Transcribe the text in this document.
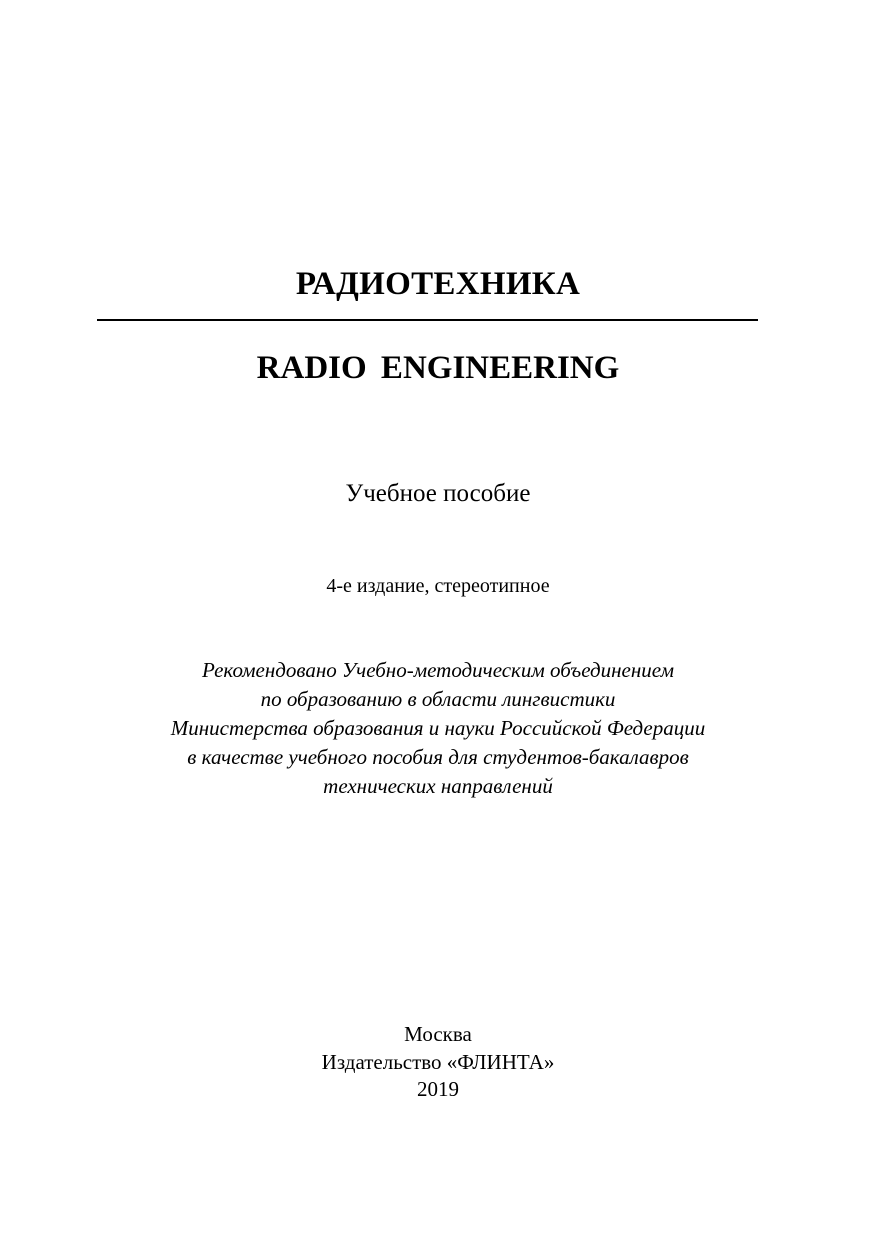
РАДИОТЕХНИКА
RADIO ENGINEERING
Учебное пособие
4-е издание, стереотипное
Рекомендовано Учебно-методическим объединением
по образованию в области лингвистики
Министерства образования и науки Российской Федерации
в качестве учебного пособия для студентов-бакалавров
технических направлений
Москва
Издательство «ФЛИНТА»
2019
